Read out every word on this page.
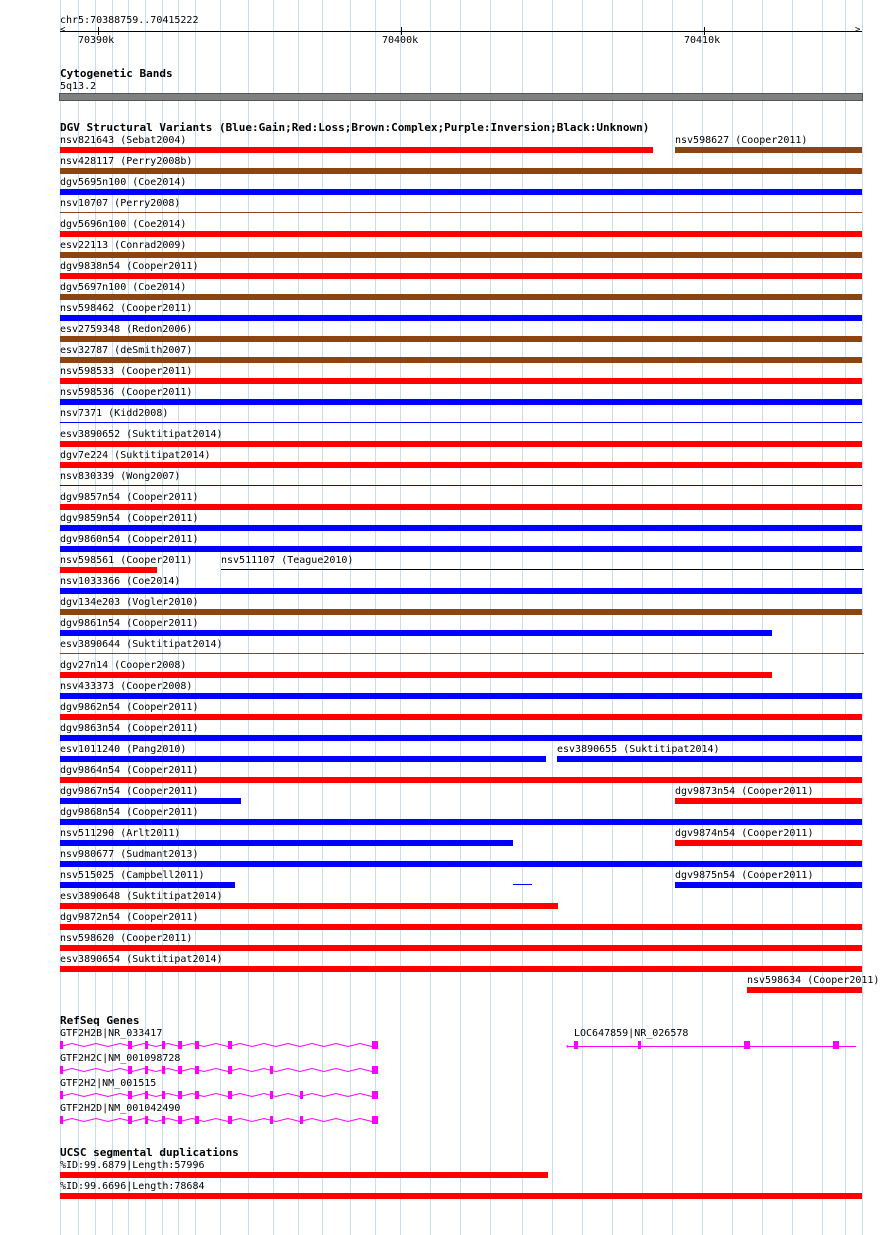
chr5:70388759..70415222
<	>
70390k	70400k	70410k
Cytogenetic Bands
5q13.2
DGV Structural Variants (Blue:Gain;Red:Loss;Brown:Complex;Purple:Inversion;Black:Unknown)
nsv821643 (Sebat2004)	nsv598627 (Cooper2011)
nsv428117 (Perry2008b)
dgv5695n100 (Coe2014)
nsv10707 (Perry2008)
dgv5696n100 (Coe2014)
esv22113 (Conrad2009)
dgv9838n54 (Cooper2011)
dgv5697n100 (Coe2014)
nsv598462 (Cooper2011)
esv2759348 (Redon2006)
esv32787 (deSmith2007)
nsv598533 (Cooper2011)
nsv598536 (Cooper2011)
nsv7371 (Kidd2008)
esv3890652 (Suktitipat2014)
dgv7e224 (Suktitipat2014)
nsv830339 (Wong2007)
dgv9857n54 (Cooper2011)
dgv9859n54 (Cooper2011)
dgv9860n54 (Cooper2011)
nsv598561 (Cooper2011)	nsv511107 (Teague2010)
nsv1033366 (Coe2014)
dgv134e203 (Vogler2010)
dgv9861n54 (Cooper2011)
esv3890644 (Suktitipat2014)
dgv27n14 (Cooper2008)
nsv433373 (Cooper2008)
dgv9862n54 (Cooper2011)
dgv9863n54 (Cooper2011)
esv1011240 (Pang2010)	esv3890655 (Suktitipat2014)
dgv9864n54 (Cooper2011)
dgv9867n54 (Cooper2011)	dgv9873n54 (Cooper2011)
dgv9868n54 (Cooper2011)
nsv511290 (Arlt2011)	dgv9874n54 (Cooper2011)
nsv980677 (Sudmant2013)
nsv515025 (Campbell2011)	dgv9875n54 (Cooper2011)
esv3890648 (Suktitipat2014)
dgv9872n54 (Cooper2011)
nsv598620 (Cooper2011)
esv3890654 (Suktitipat2014)
nsv598634 (Cooper2011)
RefSeq Genes
GTF2H2B|NR_033417	LOC647859|NR_026578
GTF2H2C|NM_001098728
GTF2H2|NM_001515
GTF2H2D|NM_001042490
←
UCSC segmental duplications
%ID:99.6879|Length:57996
%ID:99.6696|Length:78684
